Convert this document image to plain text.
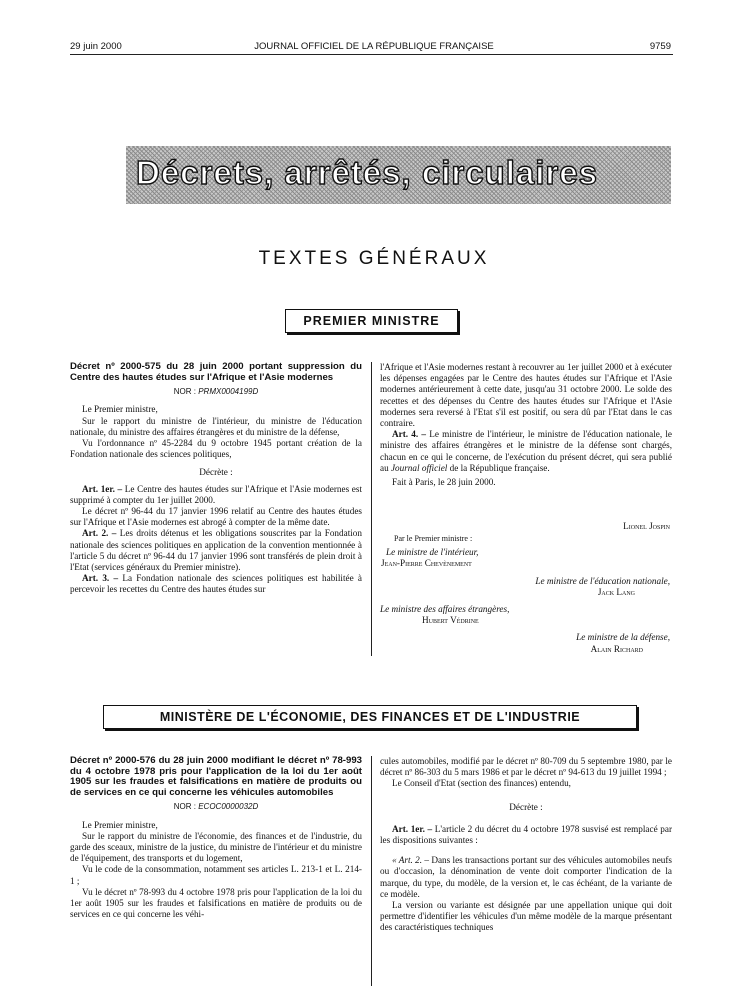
29 juin 2000	JOURNAL OFFICIEL DE LA RÉPUBLIQUE FRANÇAISE	9759
Décrets, arrêtés, circulaires
TEXTES GÉNÉRAUX
PREMIER MINISTRE
Décret nº 2000-575 du 28 juin 2000 portant suppression du Centre des hautes études sur l'Afrique et l'Asie modernes
NOR : PRMX0004199D

Le Premier ministre,

Sur le rapport du ministre de l'intérieur, du ministre de l'éducation nationale, du ministre des affaires étrangères et du ministre de la défense,

Vu l'ordonnance nº 45-2284 du 9 octobre 1945 portant création de la Fondation nationale des sciences politiques,

Décrète :

Art. 1er. – Le Centre des hautes études sur l'Afrique et l'Asie modernes est supprimé à compter du 1er juillet 2000.

Le décret nº 96-44 du 17 janvier 1996 relatif au Centre des hautes études sur l'Afrique et l'Asie modernes est abrogé à compter de la même date.

Art. 2. – Les droits détenus et les obligations souscrites par la Fondation nationale des sciences politiques en application de la convention mentionnée à l'article 5 du décret nº 96-44 du 17 janvier 1996 sont transférés de plein droit à l'Etat (services généraux du Premier ministre).

Art. 3. – La Fondation nationale des sciences politiques est habilitée à percevoir les recettes du Centre des hautes études sur

l'Afrique et l'Asie modernes restant à recouvrer au 1er juillet 2000 et à exécuter les dépenses engagées par le Centre des hautes études sur l'Afrique et l'Asie modernes antérieurement à cette date, jusqu'au 31 octobre 2000. Le solde des recettes et des dépenses du Centre des hautes études sur l'Afrique et l'Asie modernes sera reversé à l'Etat s'il est positif, ou sera dû par l'Etat dans le cas contraire.

Art. 4. – Le ministre de l'intérieur, le ministre de l'éducation nationale, le ministre des affaires étrangères et le ministre de la défense sont chargés, chacun en ce qui le concerne, de l'exécution du présent décret, qui sera publié au Journal officiel de la République française.

Fait à Paris, le 28 juin 2000.

Lionel Jospin
Par le Premier ministre :
Le ministre de l'intérieur,
Jean-Pierre Chevènement
Le ministre de l'éducation nationale,
Jack Lang
Le ministre des affaires étrangères,
Hubert Védrine
Le ministre de la défense,
Alain Richard
MINISTÈRE DE L'ÉCONOMIE, DES FINANCES ET DE L'INDUSTRIE
Décret nº 2000-576 du 28 juin 2000 modifiant le décret nº 78-993 du 4 octobre 1978 pris pour l'application de la loi du 1er août 1905 sur les fraudes et falsifications en matière de produits ou de services en ce qui concerne les véhicules automobiles
NOR : ECOC0000032D

Le Premier ministre,

Sur le rapport du ministre de l'économie, des finances et de l'industrie, du garde des sceaux, ministre de la justice, du ministre de l'intérieur et du ministre de l'équipement, des transports et du logement,

Vu le code de la consommation, notamment ses articles L. 213-1 et L. 214-1 ;

Vu le décret nº 78-993 du 4 octobre 1978 pris pour l'application de la loi du 1er août 1905 sur les fraudes et falsifications en matière de produits ou de services en ce qui concerne les véhi-

cules automobiles, modifié par le décret nº 80-709 du 5 septembre 1980, par le décret nº 86-303 du 5 mars 1986 et par le décret nº 94-613 du 19 juillet 1994 ;

Le Conseil d'Etat (section des finances) entendu,

Décrète :

Art. 1er. – L'article 2 du décret du 4 octobre 1978 susvisé est remplacé par les dispositions suivantes :

« Art. 2. – Dans les transactions portant sur des véhicules automobiles neufs ou d'occasion, la dénomination de vente doit comporter l'indication de la marque, du type, du modèle, de la version et, le cas échéant, de la variante de ce modèle.

La version ou variante est désignée par une appellation unique qui doit permettre d'identifier les véhicules d'un même modèle de la marque présentant des caractéristiques techniques
